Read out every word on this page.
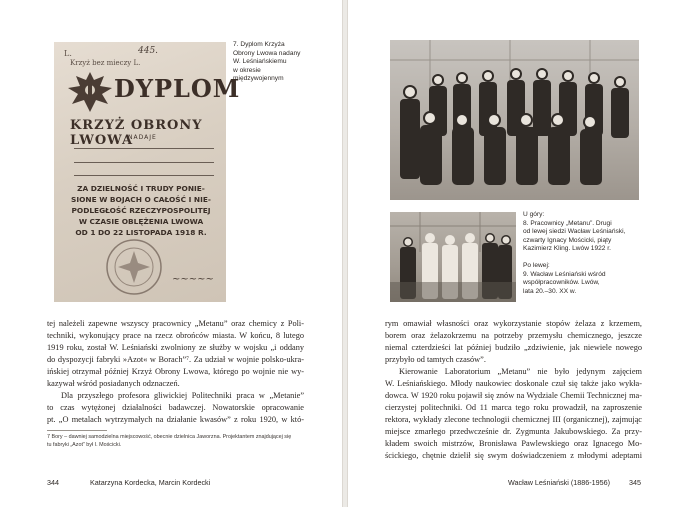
L.	445.
Krzyż bez mieczy L.
DYPLOM
KRZYŻ OBRONY LWOWA
NADAJE
ZA DZIELNOŚĆ I TRUDY PONIE-
SIONE W BOJACH O CAŁOŚĆ I NIE-
PODLEGŁOŚĆ RZECZYPOSPOLITEJ
W CZASIE OBLĘŻENIA LWOWA
OD 1 DO 22 LISTOPADA 1918 R.
~~~~~
7. Dyplom Krzyża
Obrony Lwowa nadany
W. Leśniańskiemu
w okresie
międzywojennym
tej należeli zapewne wszyscy pracownicy „Metanu” oraz chemicy z Poli-
techniki, wykonujący prace na rzecz obrońców miasta. W końcu, 8 lutego
1919 roku, został W. Leśniański zwolniony ze służby w wojsku „i oddany
do dyspozycji fabryki »Azot« w Borach”⁷. Za udział w wojnie polsko-ukra-
ińskiej otrzymał później Krzyż Obrony Lwowa, którego po wojnie nie wy-
kazywał wśród posiadanych odznaczeń.
Dla przyszłego profesora gliwickiej Politechniki praca w „Metanie”
to czas wytężonej działalności badawczej. Nowatorskie opracowanie
pt. „O metalach wytrzymałych na działanie kwasów” z roku 1920, w któ-
7 Bory – dawniej samodzielna miejscowość, obecnie dzielnica Jaworzna. Projektantem znajdującej się
tu fabryki „Azot” był I. Mościcki.
344	Katarzyna Kordecka, Marcin Kordecki
U góry:
8. Pracownicy „Metanu”. Drugi
od lewej siedzi Wacław Leśniański,
czwarty Ignacy Mościcki, piąty
Kazimierz Kling. Lwów 1922 r.
Po lewej:
9. Wacław Leśniański wśród
współpracowników. Lwów,
lata 20.–30. XX w.
rym omawiał własności oraz wykorzystanie stopów żelaza z krzemem,
borem oraz żelazokrzemu na potrzeby przemysłu chemicznego, jeszcze
niemal czterdzieści lat później budziło „zdziwienie, jak niewiele nowego
przybyło od tamtych czasów”.
Kierowanie Laboratorium „Metanu” nie było jedynym zajęciem
W. Leśniańskiego. Młody naukowiec doskonale czuł się także jako wykła-
dowca. W 1920 roku pojawił się znów na Wydziale Chemii Technicznej ma-
cierzystej politechniki. Od 11 marca tego roku prowadził, na zaproszenie
rektora, wykłady zlecone technologii chemicznej III (organicznej), zajmując
miejsce zmarłego przedwcześnie dr. Zygmunta Jakubowskiego. Za przy-
kładem swoich mistrzów, Bronisława Pawlewskiego oraz Ignacego Mo-
ścickiego, chętnie dzielił się swym doświadczeniem z młodymi adeptami
Wacław Leśniański (1886-1956)	345
